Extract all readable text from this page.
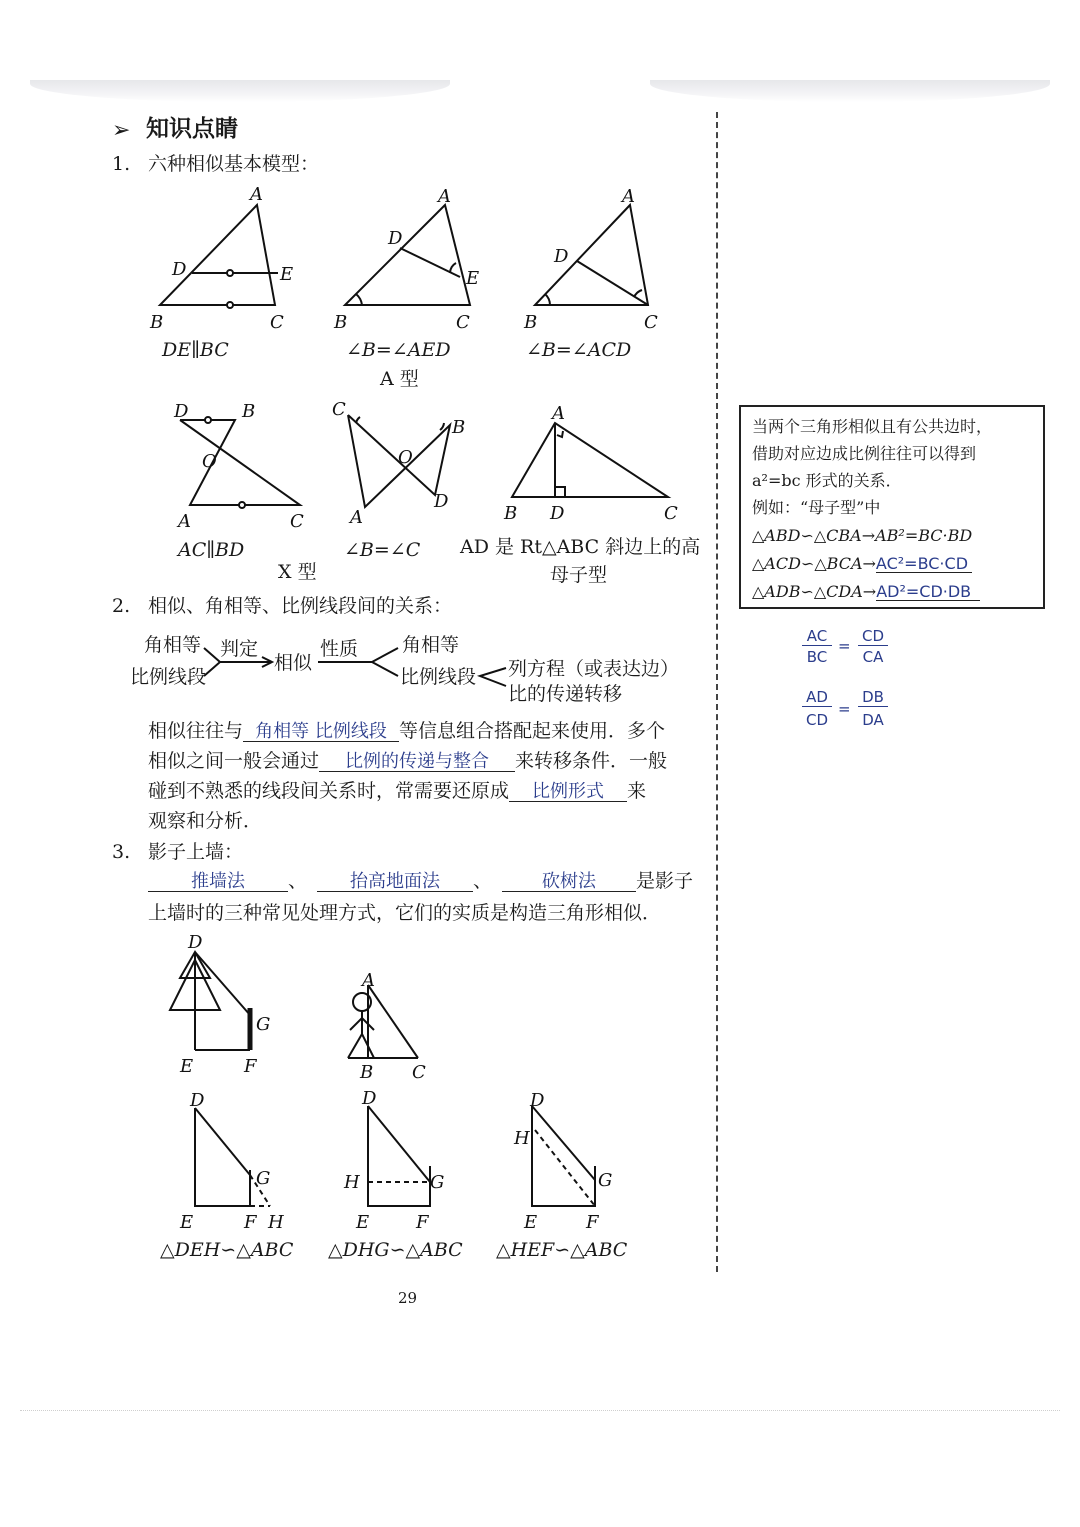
➢ 知识点睛
1. 六种相似基本模型：
A
D	E
B	C
A
D
E
B	C
A
D
B	C
DE∥BC	∠B=∠AED	∠B=∠ACD
A 型
D	B
O
A	C
C
B
O
A
D
A
B D	C
AC∥BD	∠B=∠C
X 型
AD 是 Rt△ABC 斜边上的高
母子型
2. 相似、角相等、比例线段间的关系：
角相等
比例线段
判定
相似
性质 角相等
比例线段 列方程（或表达边）
比的传递转移
相似往往与 角相等 比例线段 等信息组合搭配起来使用．多个
相似之间一般会通过 比例的传递与整合 来转移条件．一般
碰到不熟悉的线段间关系时，常需要还原成 比例形式 来
观察和分析．
3. 影子上墙：
推墙法 、 抬高地面法 、	砍树法 是影子
上墙时的三种常见处理方式，它们的实质是构造三角形相似．
D
G
E	F
A
B C
D
G
E	F H
D
H	G
E	F
D
H
G
E	F
△DEH∽△ABC △DHG∽△ABC △HEF∽△ABC
29
当两个三角形相似且有公共边时，
借助对应边成比例往往可以得到
a²=bc 形式的关系．
例如：“母子型”中
△ABD∽△CBA→AB²=BC·BD
△ACD∽△BCA→AC²=BC·CD
△ADB∽△CDA→AD²=CD·DB
AC
BC
=
CD
CA
AD
CD
=
DB
DA
